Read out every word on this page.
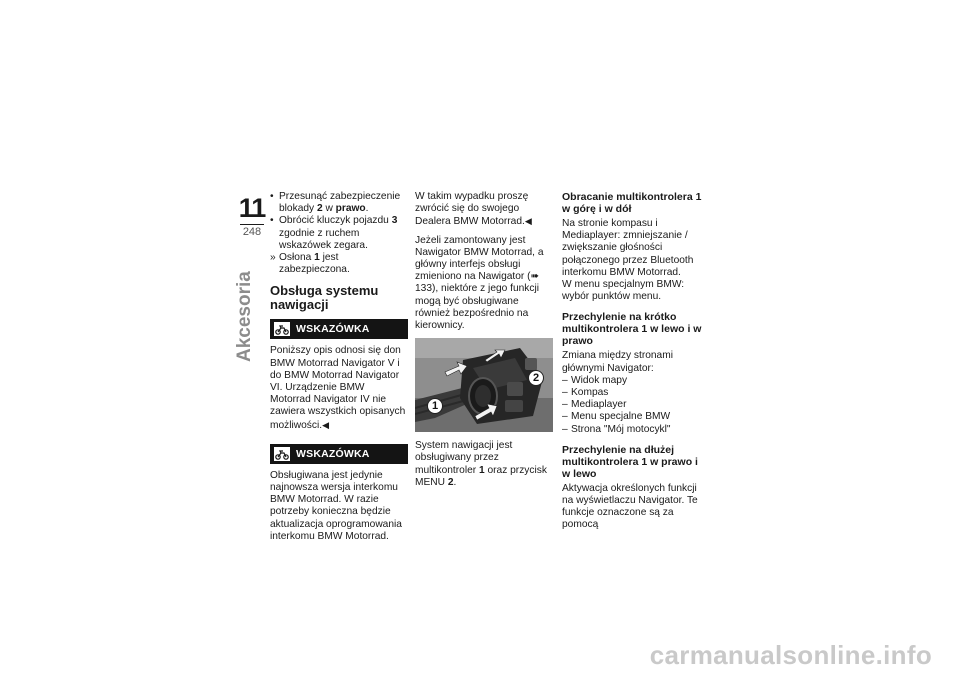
11
248
Akcesoria
• Przesunąć zabezpieczenie blokady 2 w prawo.
• Obrócić kluczyk pojazdu 3 zgodnie z ruchem wskazówek zegara.
» Osłona 1 jest zabezpieczona.
Obsługa systemu nawigacji
WSKAZÓWKA

Poniższy opis odnosi się don BMW Motorrad Navigator V i do BMW Motorrad Navigator VI. Urządzenie BMW Motorrad Navigator IV nie zawiera wszystkich opisanych możliwości.◀

WSKAZÓWKA

Obsługiwana jest jedynie najnowsza wersja interkomu BMW Motorrad. W razie potrzeby konieczna będzie aktualizacja oprogramowania interkomu BMW Motorrad.

W takim wypadku proszę zwrócić się do swojego Dealera BMW Motorrad.◀

Jeżeli zamontowany jest Nawigator BMW Motorrad, a główny interfejs obsługi zmieniono na Nawigator (➠ 133), niektóre z jego funkcji mogą być obsługiwane również bezpośrednio na kierownicy.

1
2

System nawigacji jest obsługiwany przez multikontroler 1 oraz przycisk MENU 2.

Obracanie multikontrolera 1 w górę i w dół

Na stronie kompasu i Mediaplayer: zmniejszanie / zwiększanie głośności połączonego przez Bluetooth interkomu BMW Motorrad.

W menu specjalnym BMW: wybór punktów menu.

Przechylenie na krótko multikontrolera 1 w lewo i w prawo

Zmiana między stronami głównymi Navigator:

– Widok mapy
– Kompas
– Mediaplayer
– Menu specjalne BMW
– Strona "Mój motocykl"
Przechylenie na dłużej multikontrolera 1 w prawo i w lewo

Aktywacja określonych funkcji na wyświetlaczu Navigator. Te funkcje oznaczone są za pomocą

carmanualsonline.info
